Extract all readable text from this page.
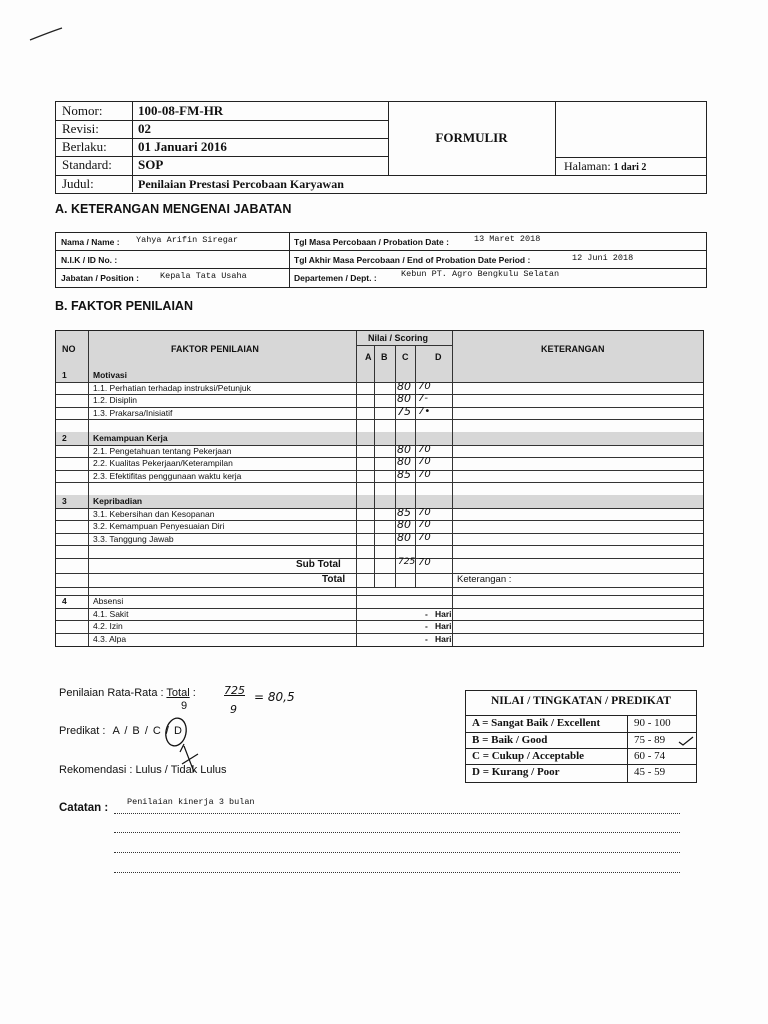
Nomor:	100-08-FM-HR
Revisi:	02
Berlaku: 01 Januari 2016
Standard: SOP
Judul:	Penilaian Prestasi Percobaan Karyawan
FORMULIR
Halaman: 1 dari 2
A. KETERANGAN MENGENAI JABATAN
Nama / Name : Yahya Arifin Siregar
N.I.K / ID No. :
Jabatan / Position : Kepala Tata Usaha
Tgl Masa Percobaan / Probation Date :	13 Maret 2018
Tgl Akhir Masa Percobaan / End of Probation Date Period :	12 Juni 2018
Departemen / Dept. :	Kebun PT. Agro Bengkulu Selatan
B. FAKTOR PENILAIAN
NO	FAKTOR PENILAIAN
Nilai / Scoring
A B C	D
KETERANGAN
1	Motivasi
1.1. Perhatian terhadap instruksi/Petunjuk	80 70
1.2. Disiplin	80 7-
1.3. Prakarsa/Inisiatif	75 7•
2	Kemampuan Kerja
2.1. Pengetahuan tentang Pekerjaan	80 70
2.2. Kualitas Pekerjaan/Keterampilan	80 70
2.3. Efektifitas penggunaan waktu kerja	85 70
3	Kepribadian
3.1. Kebersihan dan Kesopanan	85 70
3.2. Kemampuan Penyesuaian Diri	80 70
3.3. Tanggung Jawab	80 70
Sub Total	725 70
Total	Keterangan :
4	Absensi
4.1. Sakit	- Hari
4.2. Izin	- Hari
4.3. Alpa	- Hari
Penilaian Rata-Rata : Total :
9
725
9
= 80,5
Predikat : A / B / C / D
Rekomendasi : Lulus / Tidak Lulus
Catatan : Penilaian kinerja 3 bulan
NILAI / TINGKATAN / PREDIKAT
A = Sangat Baik / Excellent	90 - 100
B = Baik / Good	75 - 89
C = Cukup / Acceptable	60 - 74
D = Kurang / Poor	45 - 59
